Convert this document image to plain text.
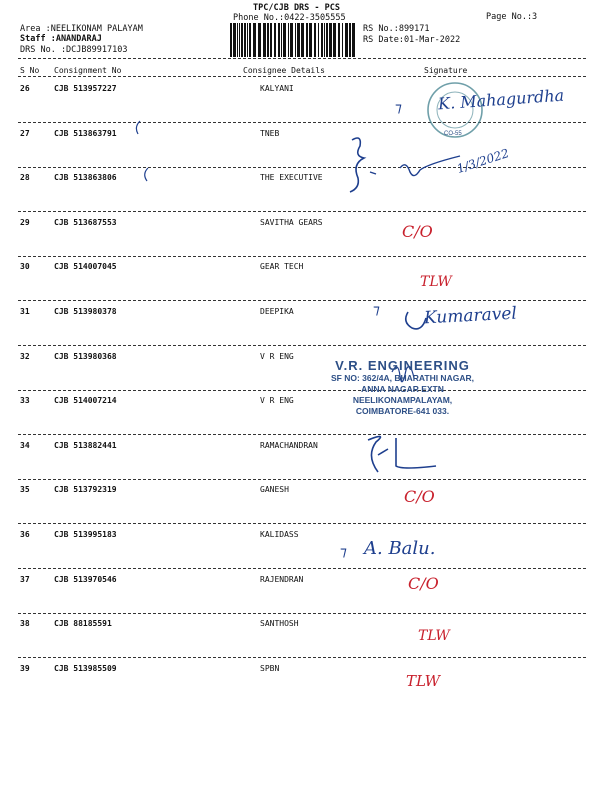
TPC/CJB DRS - PCS
Phone No.:0422-3505555	Page No.:3
Area :NEELIKONAM PALAYAM
Staff :ANANDARAJ
DRS No. :DCJB89917103
RS No.:899171
RS Date:01-Mar-2022
S No Consignment No	Consignee Details	Signature
26	CJB 513957227	KALYANI
27	CJB 513863791	TNEB
28	CJB 513863806	THE EXECUTIVE
29	CJB 513687553	SAVITHA GEARS
30	CJB 514007045	GEAR TECH
31	CJB 513980378	DEEPIKA
32	CJB 513980368	V R ENG
33	CJB 514007214	V R ENG
34	CJB 513882441	RAMACHANDRAN
35	CJB 513792319	GANESH
36	CJB 513995183	KALIDASS
37	CJB 513970546	RAJENDRAN
38	CJB 88185591	SANTHOSH
39	CJB 513985509	SPBN
CO-55
K. Mahagurdha
⁊
1/3/2022
C/O
TLW
⁊	Kumaravel
C/O
⁊ A. Balu.
C/O
TLW
TLW
V.R. ENGINEERING
SF NO: 362/4A, BHARATHI NAGAR,
ANNA NAGAR EXTN
NEELIKONAMPALAYAM,
COIMBATORE-641 033.
